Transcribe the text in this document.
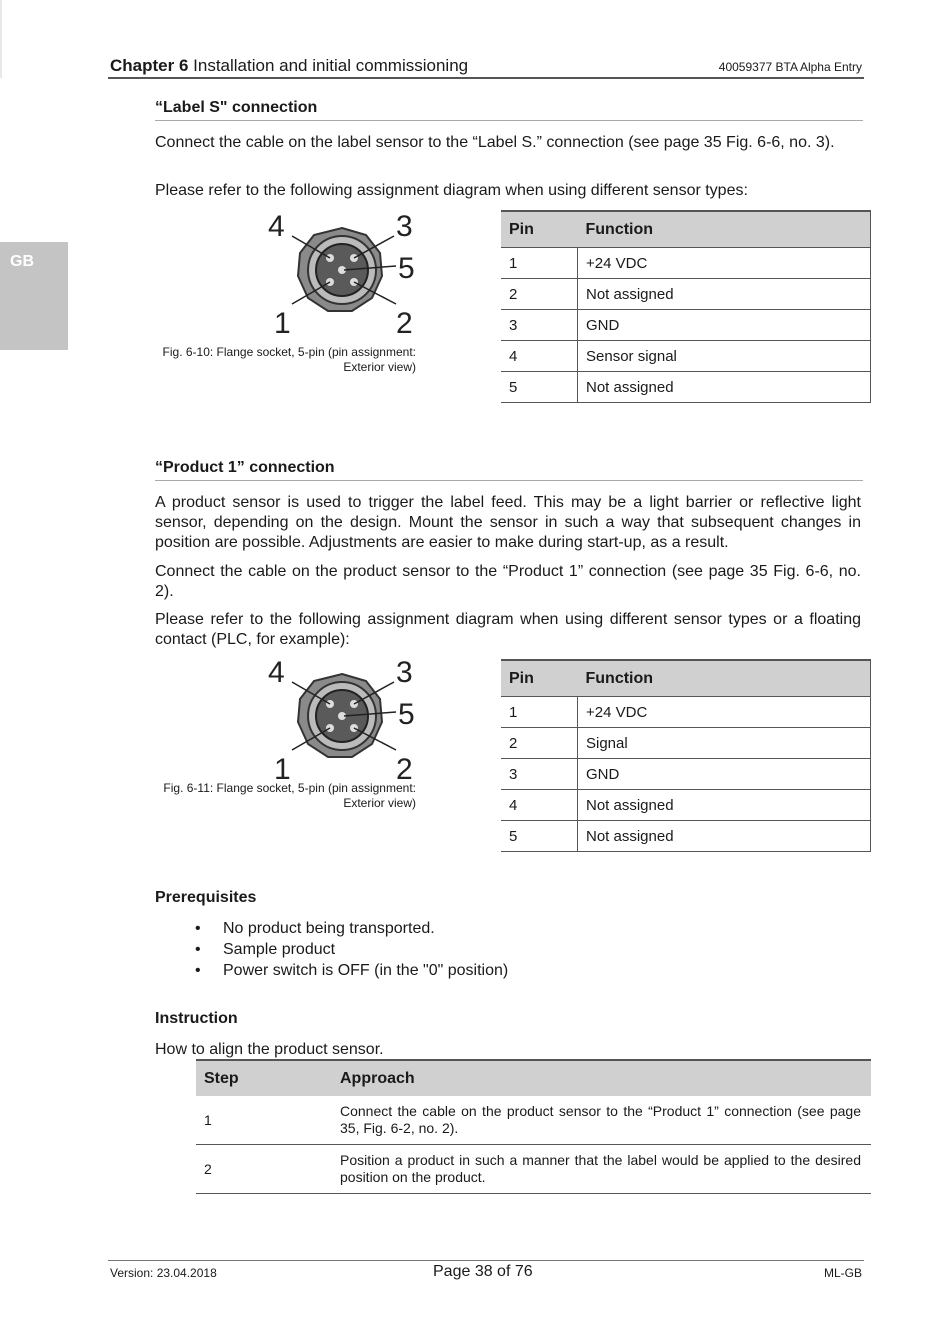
Chapter 6 Installation and initial commissioning	40059377 BTA Alpha Entry
GB
“Label S" connection
Connect the cable on the label sensor to the “Label S.” connection (see page 35 Fig. 6-6, no. 3).
Please refer to the following assignment diagram when using different sensor types:
4	3
5
1	2
Fig. 6-10: Flange socket, 5-pin (pin assignment: Exterior view)
Pin	Function
1	+24 VDC
2	Not assigned
3	GND
4	Sensor signal
5	Not assigned
“Product 1” connection
A product sensor is used to trigger the label feed. This may be a light barrier or reflective light sensor, depending on the design. Mount the sensor in such a way that subsequent changes in position are possible. Adjustments are easier to make during start-up, as a result.
Connect the cable on the product sensor to the “Product 1” connection (see page 35 Fig. 6-6, no. 2).
Please refer to the following assignment diagram when using different sensor types or a floating contact (PLC, for example):
4	3
5
1	2
Fig. 6-11: Flange socket, 5-pin (pin assignment: Exterior view)
Pin	Function
1	+24 VDC
2	Signal
3	GND
4	Not assigned
5	Not assigned
Prerequisites
• No product being transported.
• Sample product
• Power switch is OFF (in the "0" position)
Instruction
How to align the product sensor.
Step	Approach
1	Connect the cable on the product sensor to the “Product 1” connection (see page 35, Fig. 6-2, no. 2).
2	Position a product in such a manner that the label would be applied to the desired position on the product.
Version: 23.04.2018	Page 38 of 76	ML-GB
